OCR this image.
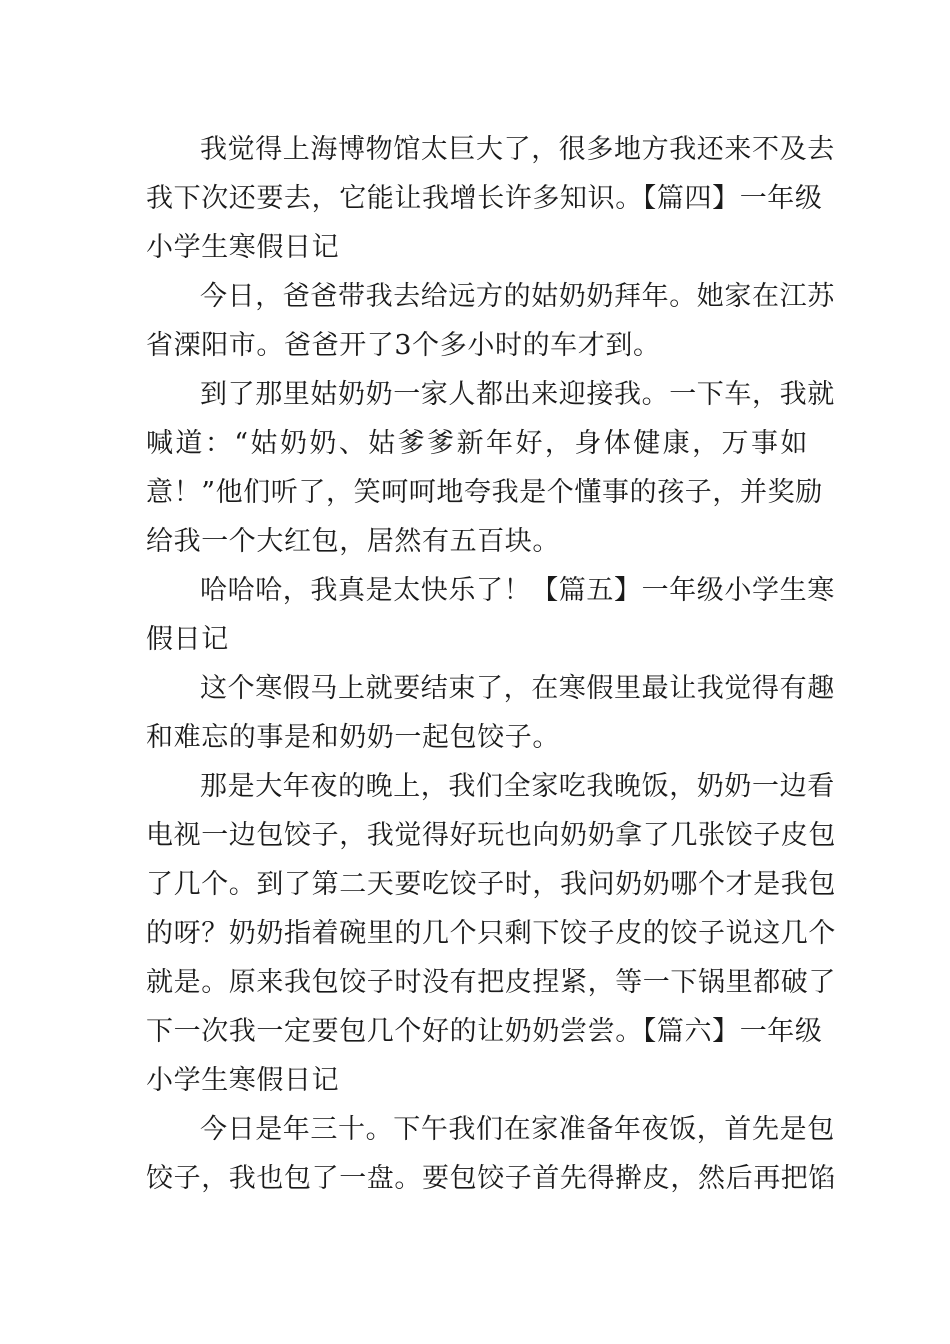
我觉得上海博物馆太巨大了，很多地方我还来不及去
我下次还要去，它能让我增长许多知识。【篇四】一年级
小学生寒假日记
今日，爸爸带我去给远方的姑奶奶拜年。她家在江苏
省溧阳市。爸爸开了3个多小时的车才到。
到了那里姑奶奶一家人都出来迎接我。一下车，我就
喊道：“姑奶奶、姑爹爹新年好，身体健康，万事如
意！”他们听了，笑呵呵地夸我是个懂事的孩子，并奖励
给我一个大红包，居然有五百块。
哈哈哈，我真是太快乐了！【篇五】一年级小学生寒
假日记
这个寒假马上就要结束了，在寒假里最让我觉得有趣
和难忘的事是和奶奶一起包饺子。
那是大年夜的晚上，我们全家吃我晚饭，奶奶一边看
电视一边包饺子，我觉得好玩也向奶奶拿了几张饺子皮包
了几个。到了第二天要吃饺子时，我问奶奶哪个才是我包
的呀？奶奶指着碗里的几个只剩下饺子皮的饺子说这几个
就是。原来我包饺子时没有把皮捏紧，等一下锅里都破了
下一次我一定要包几个好的让奶奶尝尝。【篇六】一年级
小学生寒假日记
今日是年三十。下午我们在家准备年夜饭，首先是包
饺子，我也包了一盘。要包饺子首先得擀皮，然后再把馅
